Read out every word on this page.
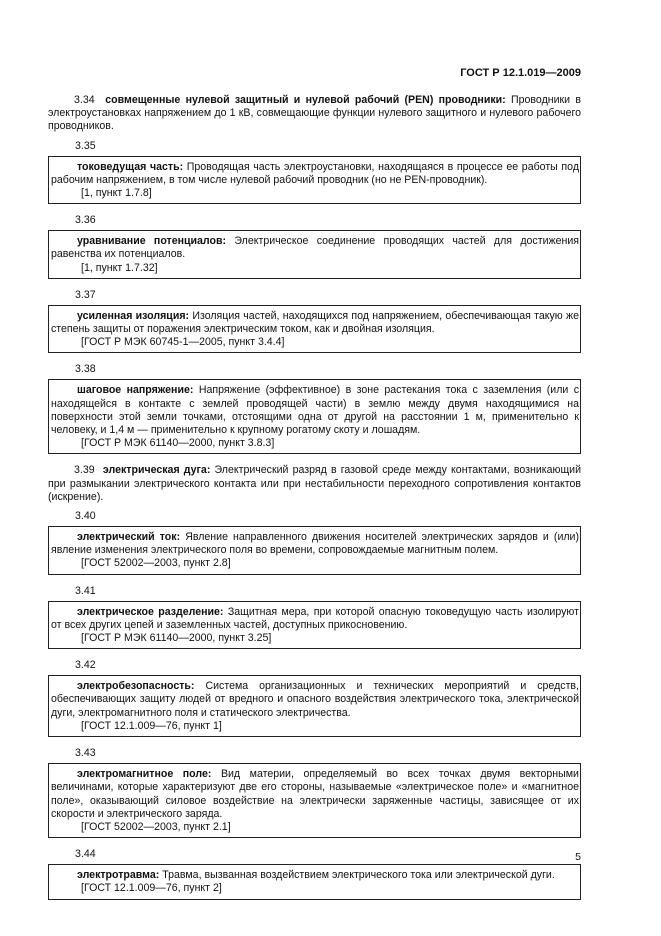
ГОСТ Р 12.1.019—2009

3.34 совмещенные нулевой защитный и нулевой рабочий (PEN) проводники: Проводники в электроустановках напряжением до 1 кВ, совмещающие функции нулевого защитного и нулевого рабочего проводников.

3.35

токоведущая часть: Проводящая часть электроустановки, находящаяся в процессе ее работы под рабочим напряжением, в том числе нулевой рабочий проводник (но не PEN-проводник).

[1, пункт 1.7.8]
3.36

уравнивание потенциалов: Электрическое соединение проводящих частей для достижения равенства их потенциалов.

[1, пункт 1.7.32]
3.37

усиленная изоляция: Изоляция частей, находящихся под напряжением, обеспечивающая такую же степень защиты от поражения электрическим током, как и двойная изоляция.

[ГОСТ Р МЭК 60745-1—2005, пункт 3.4.4]
3.38

шаговое напряжение: Напряжение (эффективное) в зоне растекания тока с заземления (или с находящейся в контакте с землей проводящей части) в землю между двумя находящимися на поверхности этой земли точками, отстоящими одна от другой на расстоянии 1 м, применительно к человеку, и 1,4 м — применительно к крупному рогатому скоту и лошадям.

[ГОСТ Р МЭК 61140—2000, пункт 3.8.3]

3.39 электрическая дуга: Электрический разряд в газовой среде между контактами, возникающий при размыкании электрического контакта или при нестабильности переходного сопротивления контактов (искрение).

3.40

электрический ток: Явление направленного движения носителей электрических зарядов и (или) явление изменения электрического поля во времени, сопровождаемые магнитным полем.

[ГОСТ 52002—2003, пункт 2.8]
3.41

электрическое разделение: Защитная мера, при которой опасную токоведущую часть изолируют от всех других цепей и заземленных частей, доступных прикосновению.

[ГОСТ Р МЭК 61140—2000, пункт 3.25]
3.42

электробезопасность: Система организационных и технических мероприятий и средств, обеспечивающих защиту людей от вредного и опасного воздействия электрического тока, электрической дуги, электромагнитного поля и статического электричества.

[ГОСТ 12.1.009—76, пункт 1]
3.43

электромагнитное поле: Вид материи, определяемый во всех точках двумя векторными величинами, которые характеризуют две его стороны, называемые «электрическое поле» и «магнитное поле», оказывающий силовое воздействие на электрически заряженные частицы, зависящее от их скорости и электрического заряда.

[ГОСТ 52002—2003, пункт 2.1]
3.44

электротравма: Травма, вызванная воздействием электрического тока или электрической дуги.

[ГОСТ 12.1.009—76, пункт 2]
5
